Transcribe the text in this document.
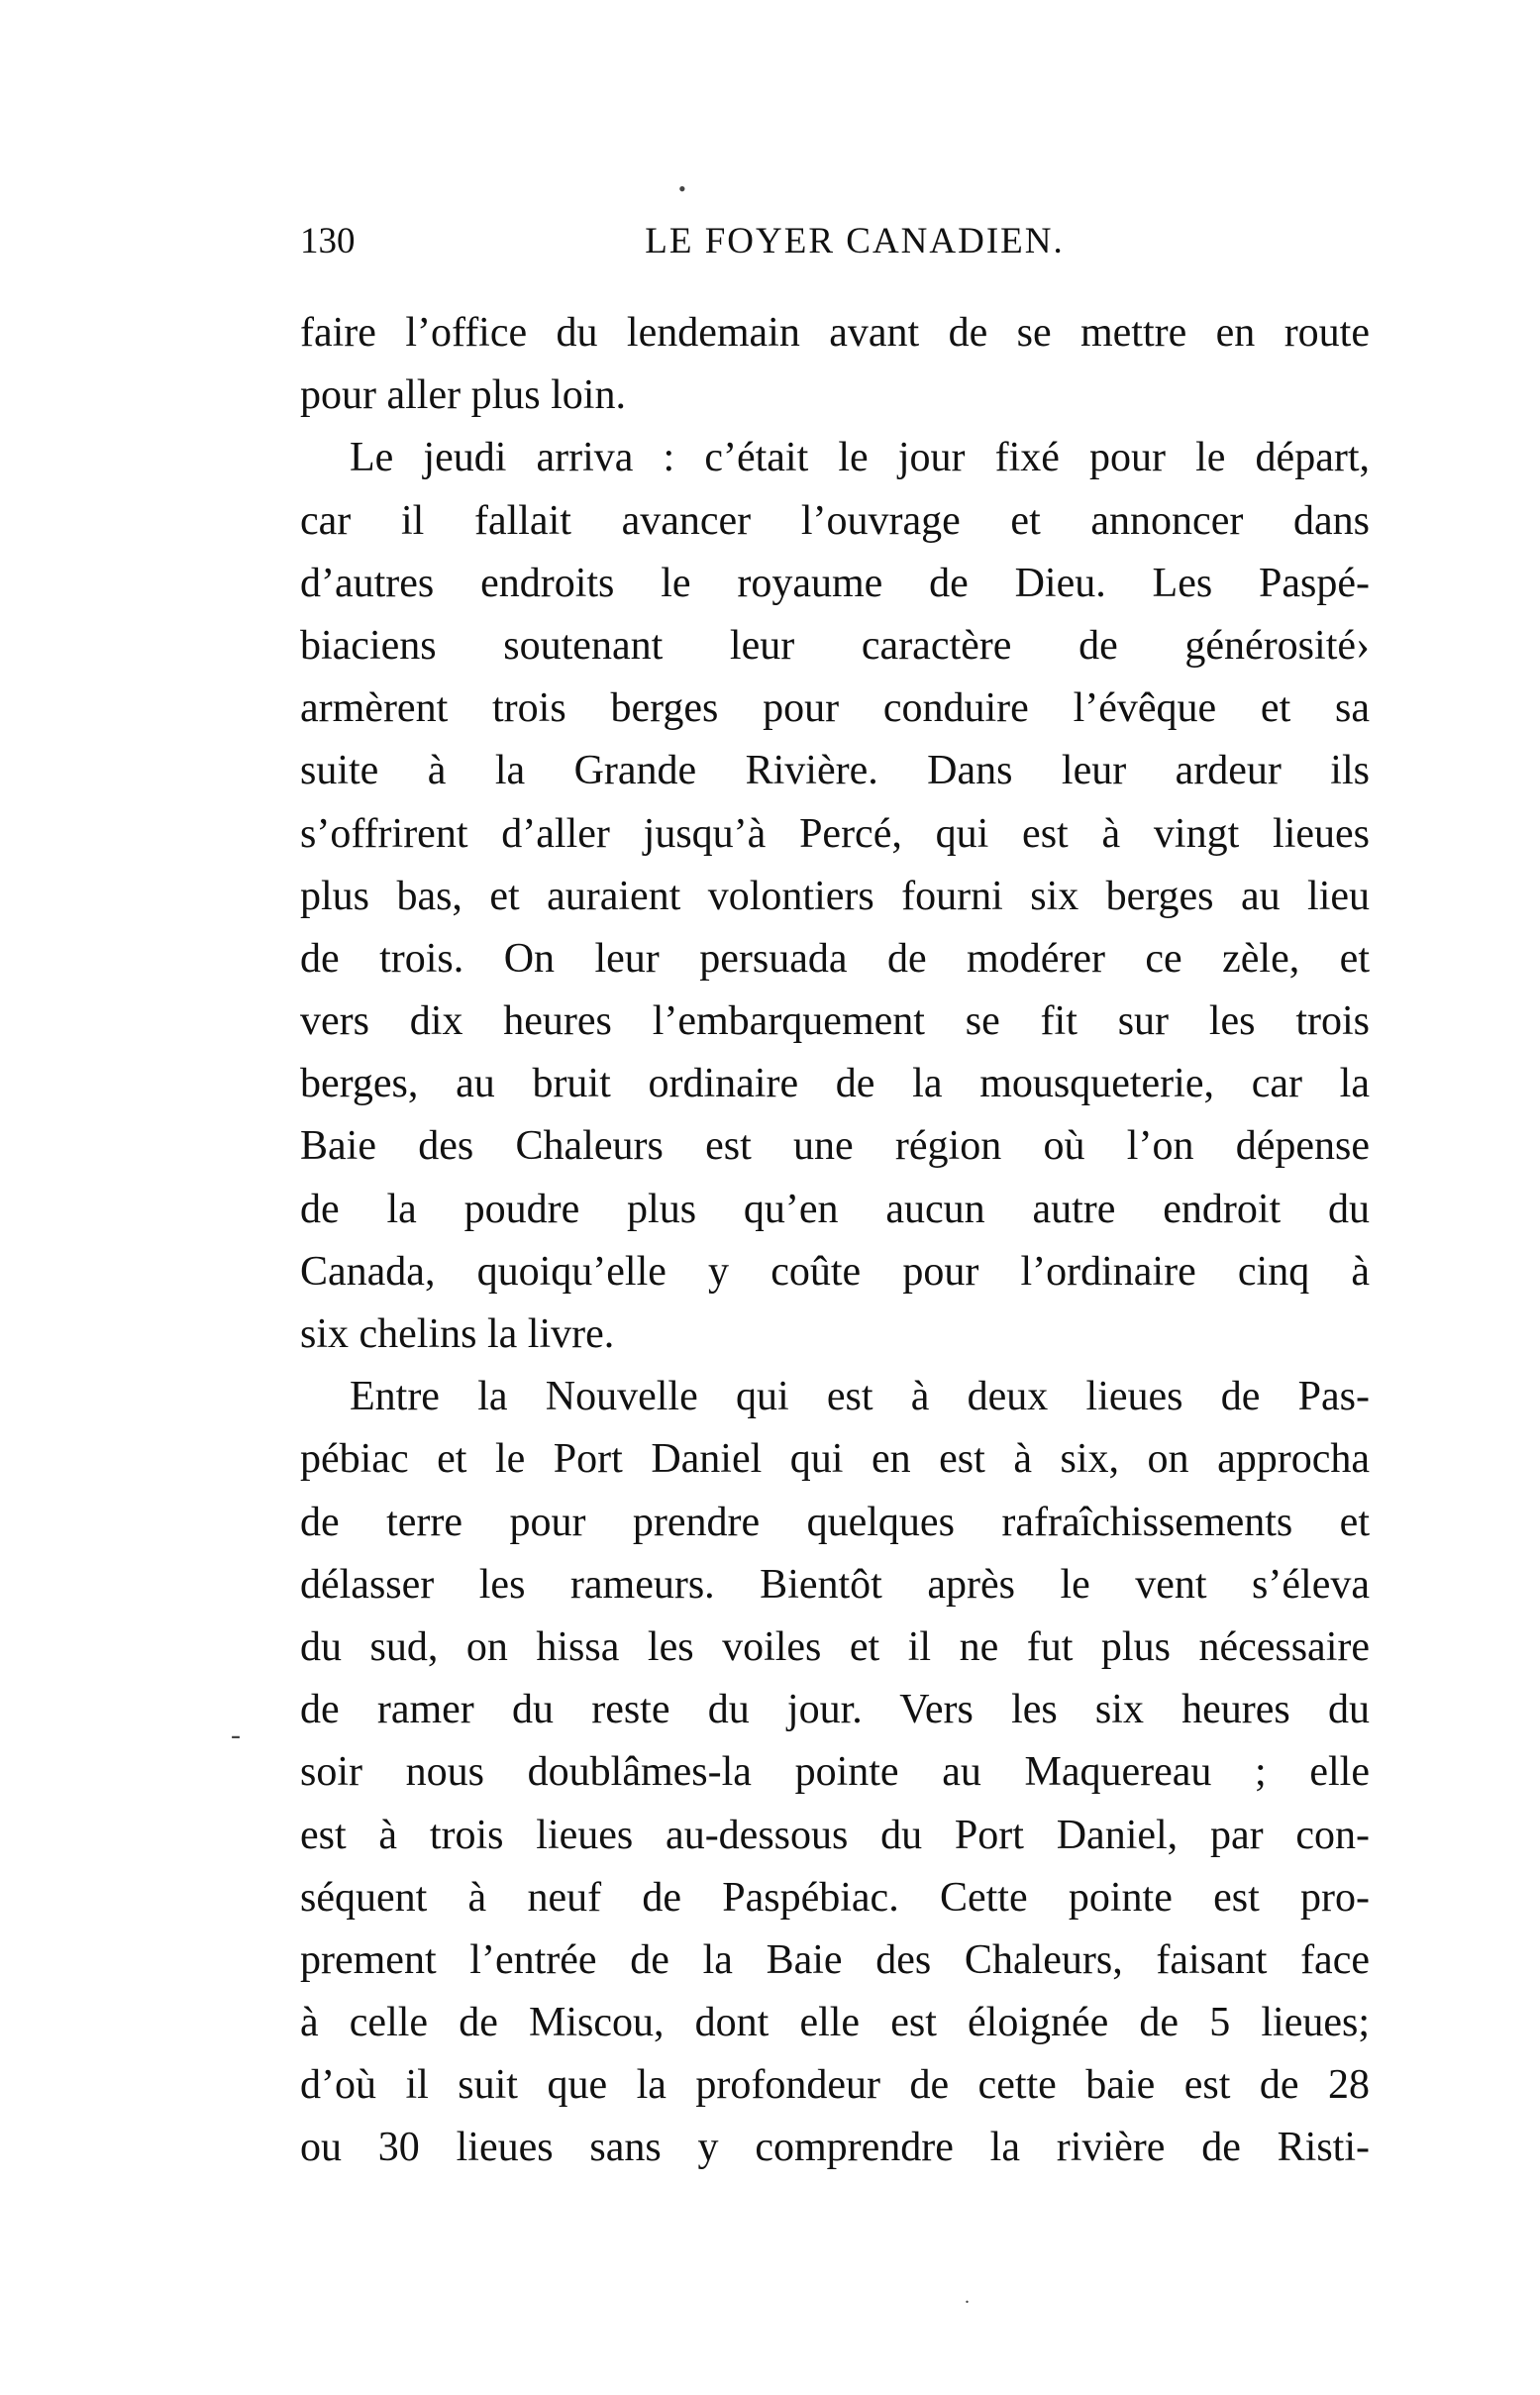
•
130	LE FOYER CANADIEN.
faire l’office du lendemain avant de se mettre en route
pour aller plus loin.
Le jeudi arriva : c’était le jour fixé pour le départ,
car il fallait avancer l’ouvrage et annoncer dans
d’autres endroits le royaume de Dieu. Les Paspé-
biaciens soutenant leur caractère de générosité›
armèrent trois berges pour conduire l’évêque et sa
suite à la Grande Rivière. Dans leur ardeur ils
s’offrirent d’aller jusqu’à Percé, qui est à vingt lieues
plus bas, et auraient volontiers fourni six berges au lieu
de trois. On leur persuada de modérer ce zèle, et
vers dix heures l’embarquement se fit sur les trois
berges, au bruit ordinaire de la mousqueterie, car la
Baie des Chaleurs est une région où l’on dépense
de la poudre plus qu’en aucun autre endroit du
Canada, quoiqu’elle y coûte pour l’ordinaire cinq à
six chelins la livre.
Entre la Nouvelle qui est à deux lieues de Pas-
pébiac et le Port Daniel qui en est à six, on approcha
de terre pour prendre quelques rafraîchissements et
délasser les rameurs. Bientôt après le vent s’éleva
du sud, on hissa les voiles et il ne fut plus nécessaire
de ramer du reste du jour. Vers les six heures du
soir nous doublâmes-la pointe au Maquereau ; elle
est à trois lieues au-dessous du Port Daniel, par con-
séquent à neuf de Paspébiac. Cette pointe est pro-
prement l’entrée de la Baie des Chaleurs, faisant face
à celle de Miscou, dont elle est éloignée de 5 lieues;
d’où il suit que la profondeur de cette baie est de 28
ou 30 lieues sans y comprendre la rivière de Risti-
-
.
